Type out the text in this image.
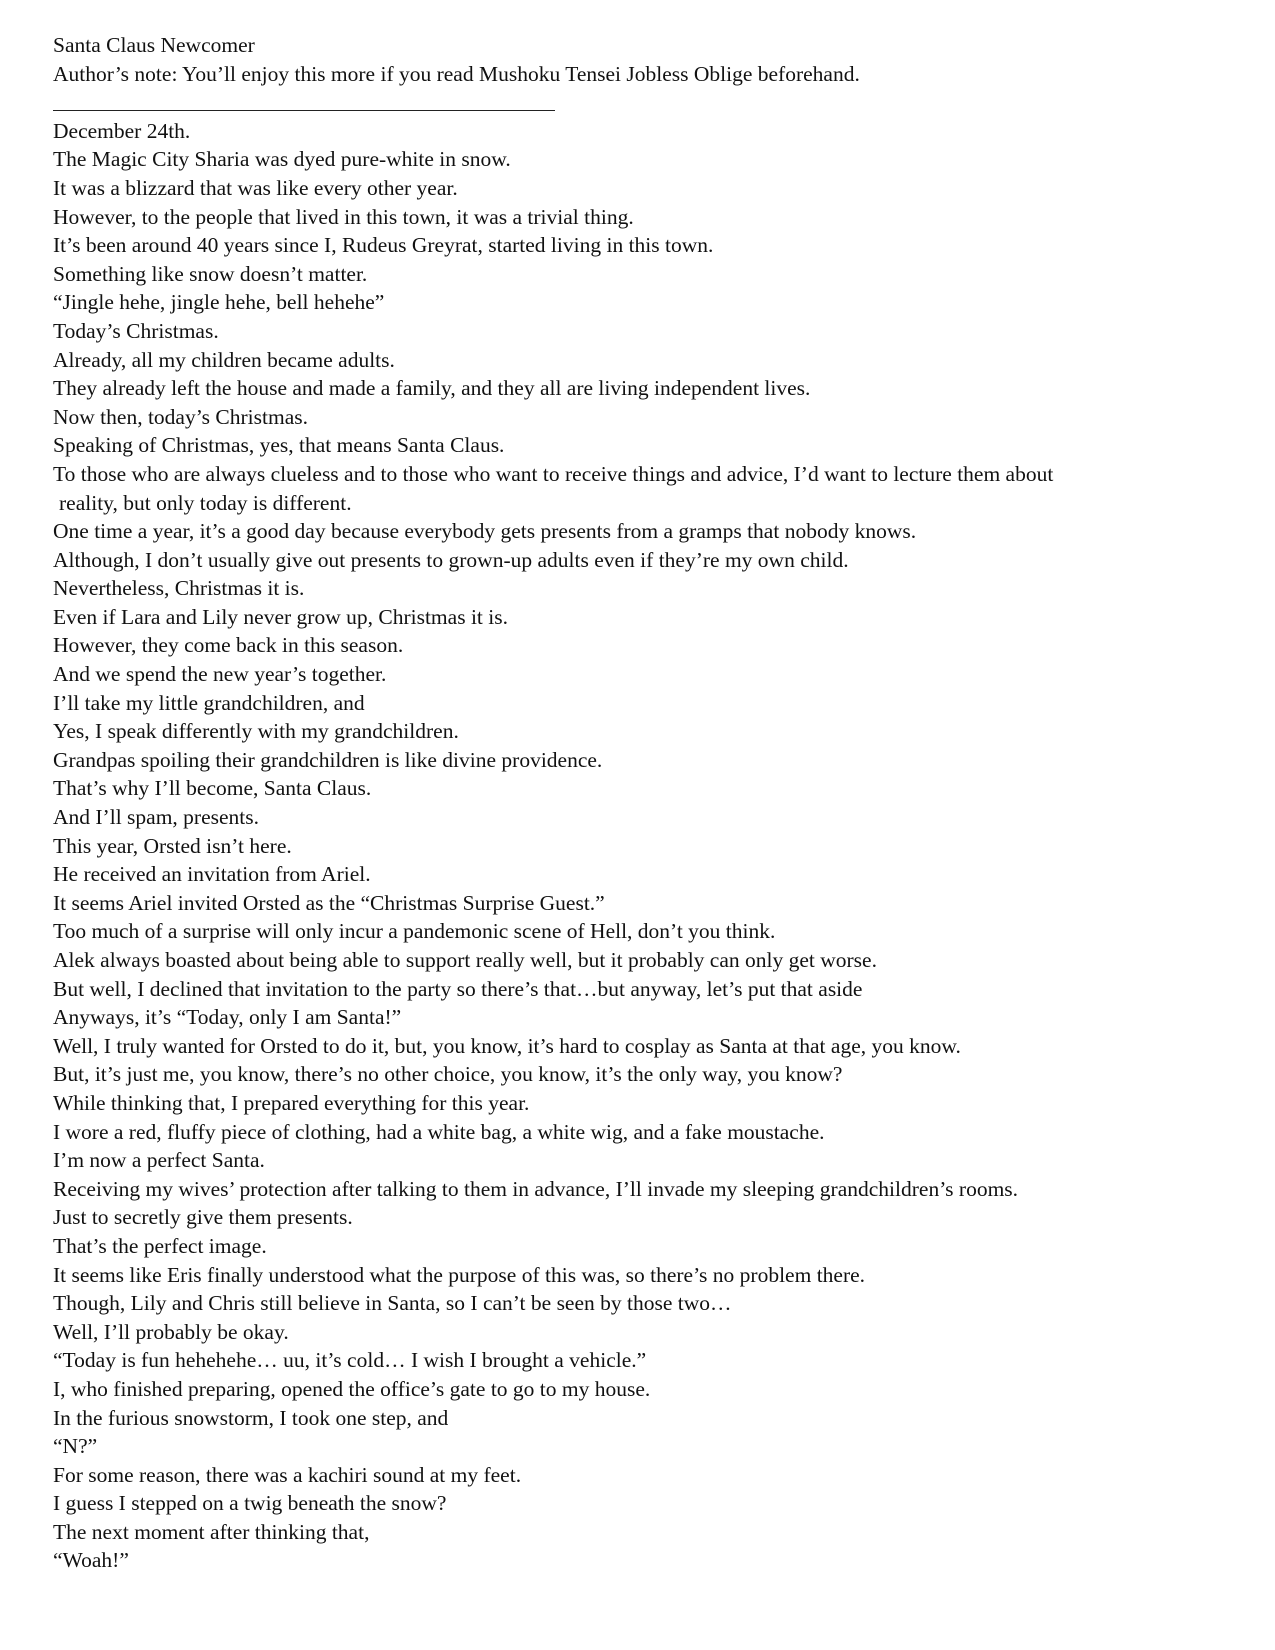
Santa Claus Newcomer
Author’s note: You’ll enjoy this more if you read Mushoku Tensei Jobless Oblige beforehand.
December 24th.
The Magic City Sharia was dyed pure-white in snow.
It was a blizzard that was like every other year.
However, to the people that lived in this town, it was a trivial thing.
It’s been around 40 years since I, Rudeus Greyrat, started living in this town.
Something like snow doesn’t matter.
“Jingle hehe, jingle hehe, bell hehehe”
Today’s Christmas.
Already, all my children became adults.
They already left the house and made a family, and they all are living independent lives.
Now then, today’s Christmas.
Speaking of Christmas, yes, that means Santa Claus.
To those who are always clueless and to those who want to receive things and advice, I’d want to lecture them about
reality, but only today is different.
One time a year, it’s a good day because everybody gets presents from a gramps that nobody knows.
Although, I don’t usually give out presents to grown-up adults even if they’re my own child.
Nevertheless, Christmas it is.
Even if Lara and Lily never grow up, Christmas it is.
However, they come back in this season.
And we spend the new year’s together.
I’ll take my little grandchildren, and
Yes, I speak differently with my grandchildren.
Grandpas spoiling their grandchildren is like divine providence.
That’s why I’ll become, Santa Claus.
And I’ll spam, presents.
This year, Orsted isn’t here.
He received an invitation from Ariel.
It seems Ariel invited Orsted as the “Christmas Surprise Guest.”
Too much of a surprise will only incur a pandemonic scene of Hell, don’t you think.
Alek always boasted about being able to support really well, but it probably can only get worse.
But well, I declined that invitation to the party so there’s that…but anyway, let’s put that aside
Anyways, it’s “Today, only I am Santa!”
Well, I truly wanted for Orsted to do it, but, you know, it’s hard to cosplay as Santa at that age, you know.
But, it’s just me, you know, there’s no other choice, you know, it’s the only way, you know?
While thinking that, I prepared everything for this year.
I wore a red, fluffy piece of clothing, had a white bag, a white wig, and a fake moustache.
I’m now a perfect Santa.
Receiving my wives’ protection after talking to them in advance, I’ll invade my sleeping grandchildren’s rooms.
Just to secretly give them presents.
That’s the perfect image.
It seems like Eris finally understood what the purpose of this was, so there’s no problem there.
Though, Lily and Chris still believe in Santa, so I can’t be seen by those two…
Well, I’ll probably be okay.
“Today is fun hehehehe… uu, it’s cold… I wish I brought a vehicle.”
I, who finished preparing, opened the office’s gate to go to my house.
In the furious snowstorm, I took one step, and
“N?”
For some reason, there was a kachiri sound at my feet.
I guess I stepped on a twig beneath the snow?
The next moment after thinking that,
“Woah!”
